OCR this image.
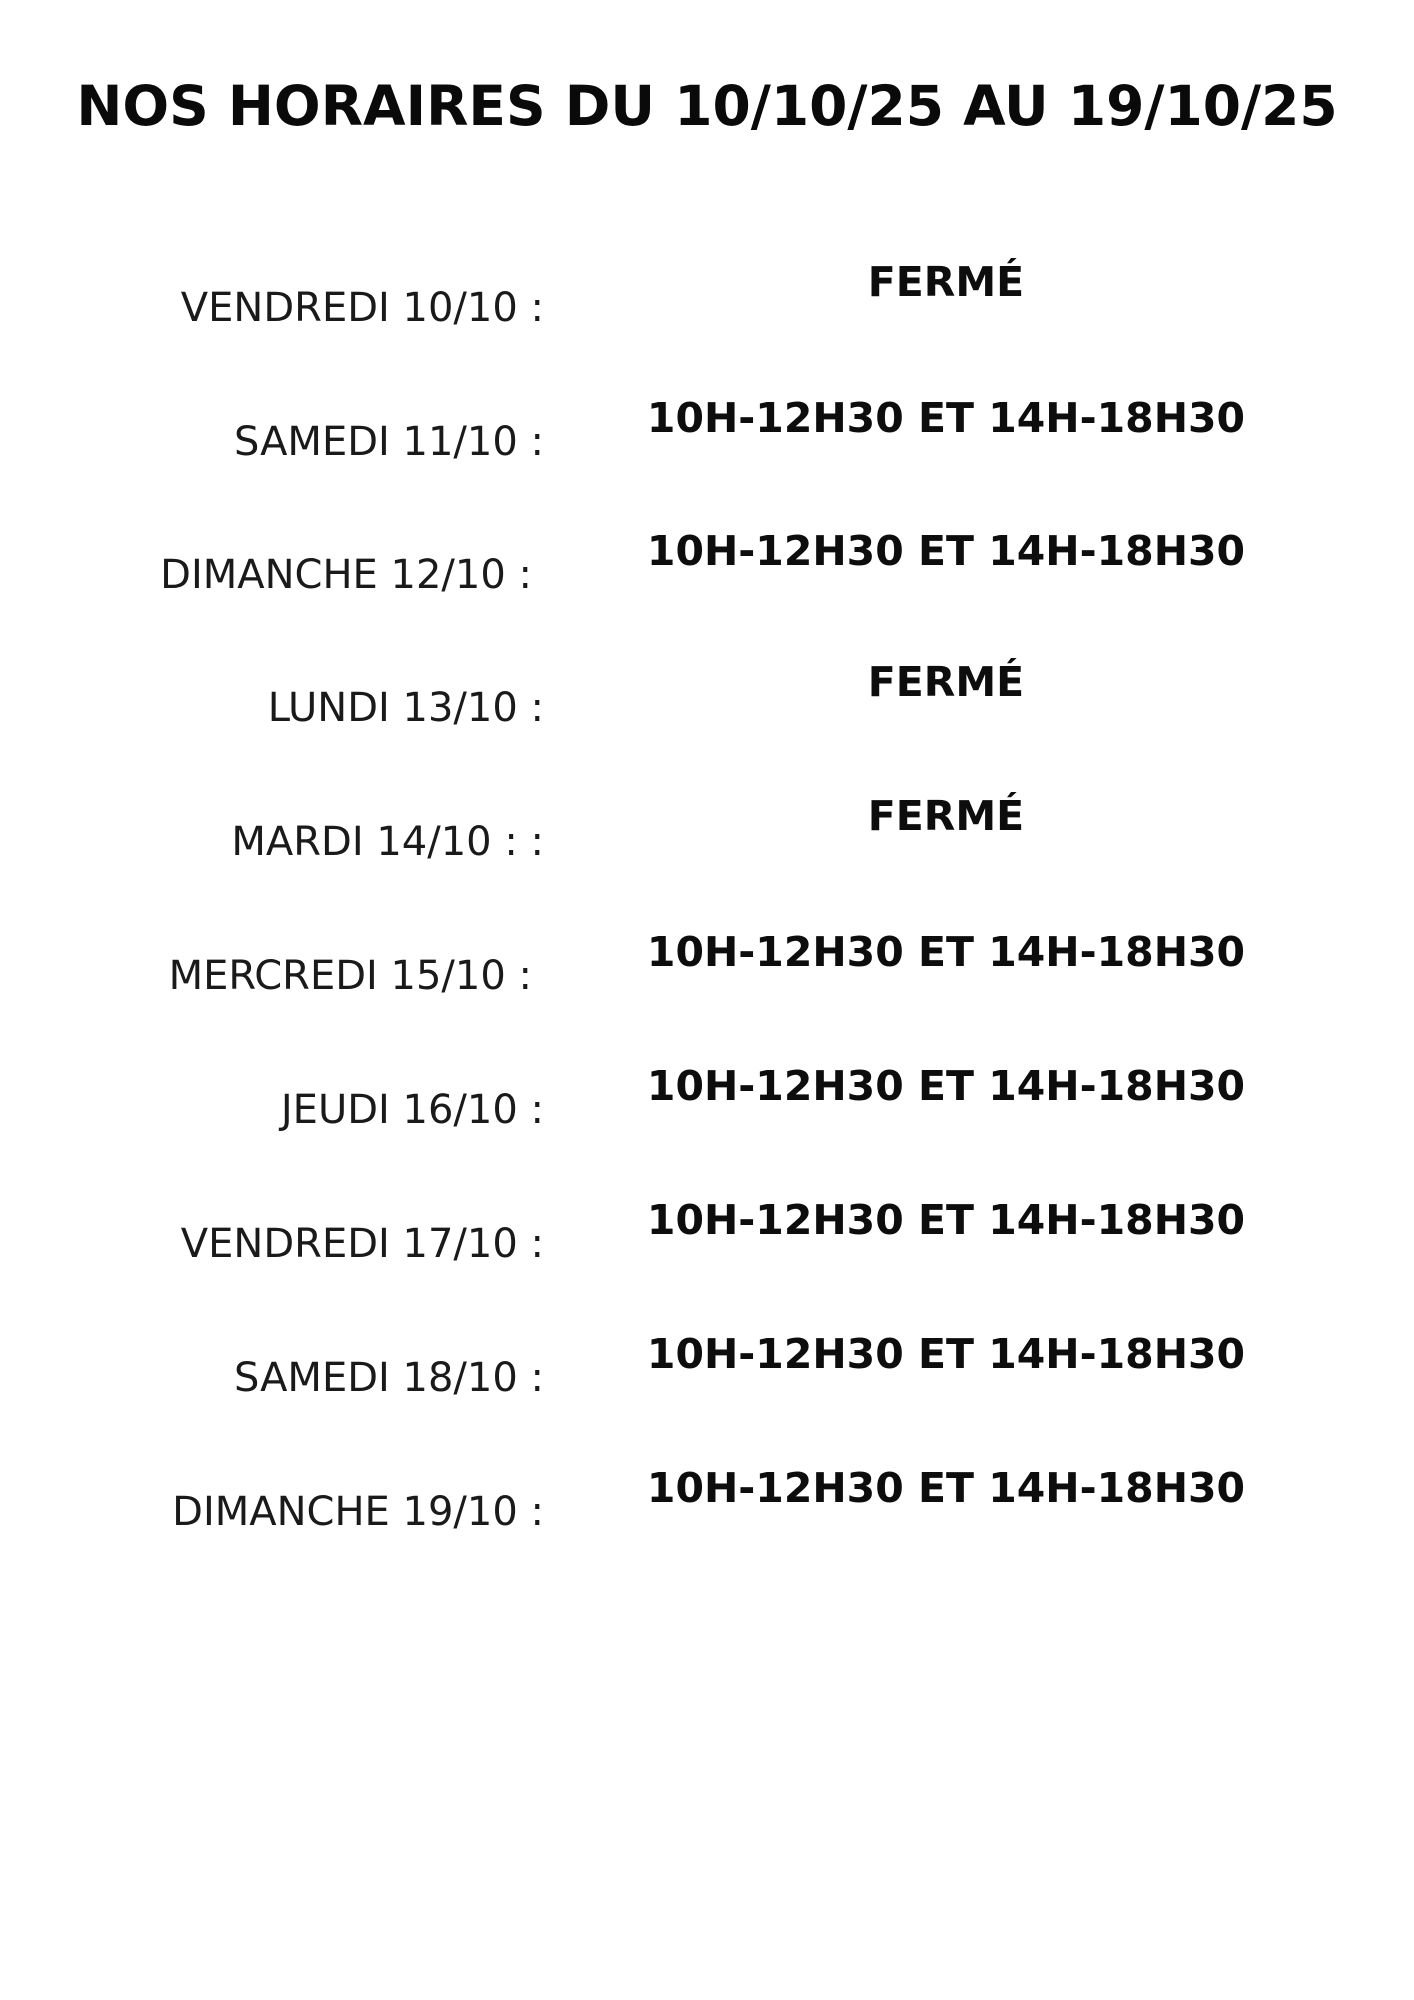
NOS HORAIRES DU 10/10/25 AU 19/10/25
VENDREDI 10/10 :
FERMÉ
SAMEDI 11/10 :	10H-12H30 ET 14H-18H30
DIMANCHE 12/10 :	10H-12H30 ET 14H-18H30
LUNDI 13/10 :
FERMÉ
MARDI 14/10 : :
FERMÉ
MERCREDI 15/10 :	10H-12H30 ET 14H-18H30
JEUDI 16/10 :	10H-12H30 ET 14H-18H30
VENDREDI 17/10 :	10H-12H30 ET 14H-18H30
SAMEDI 18/10 :	10H-12H30 ET 14H-18H30
DIMANCHE 19/10 :	10H-12H30 ET 14H-18H30
